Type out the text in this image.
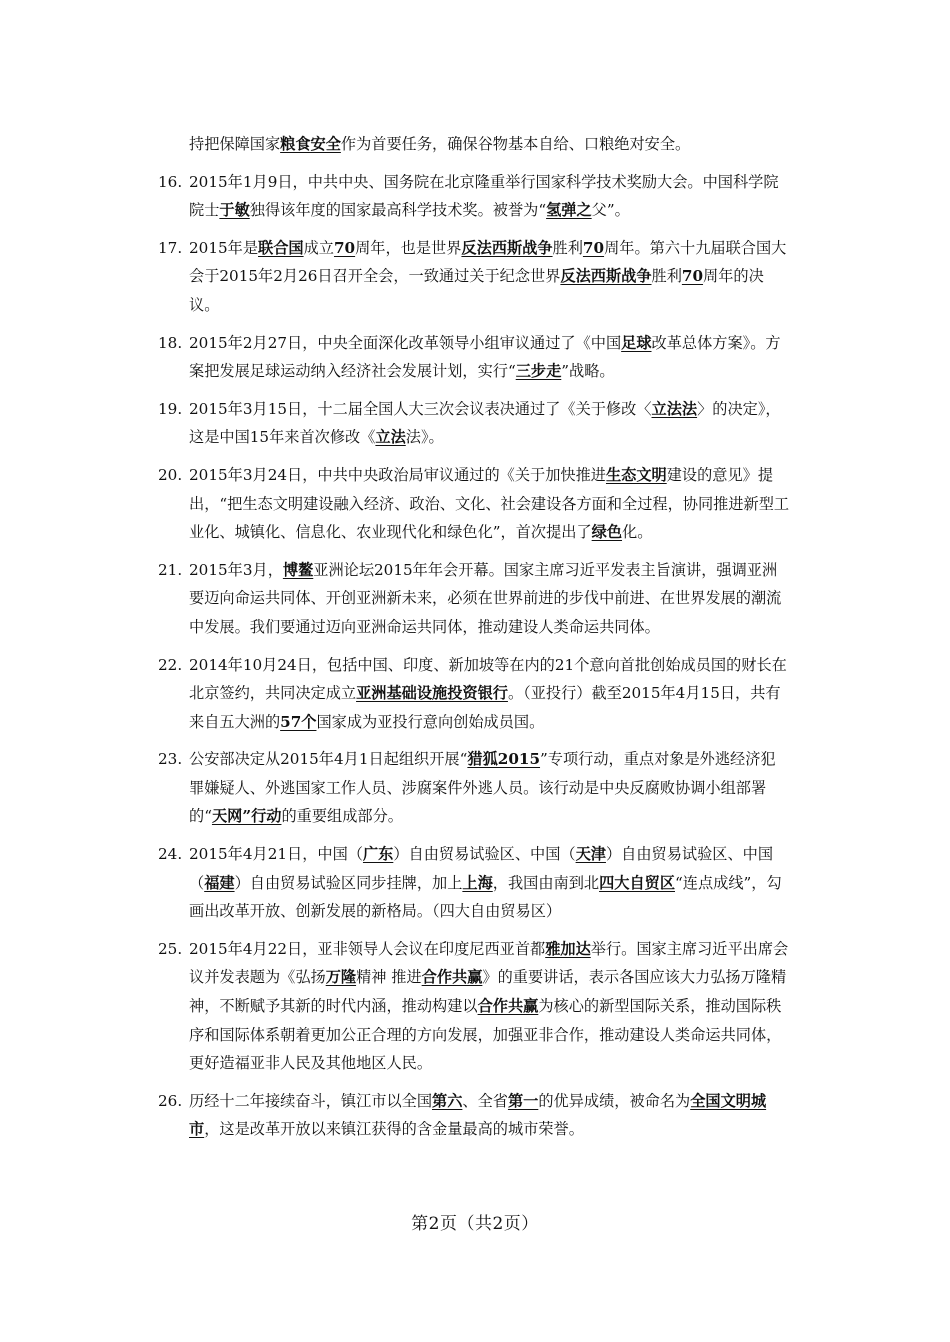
持把保障国家粮食安全作为首要任务，确保谷物基本自给、口粮绝对安全。
16. 2015年1月9日，中共中央、国务院在北京隆重举行国家科学技术奖励大会。中国科学院院士于敏独得该年度的国家最高科学技术奖。被誉为“氢弹之父”。
17. 2015年是联合国成立70周年，也是世界反法西斯战争胜利70周年。第六十九届联合国大会于2015年2月26日召开全会，一致通过关于纪念世界反法西斯战争胜利70周年的决议。
18. 2015年2月27日，中央全面深化改革领导小组审议通过了《中国足球改革总体方案》。方案把发展足球运动纳入经济社会发展计划，实行“三步走”战略。
19. 2015年3月15日，十二届全国人大三次会议表决通过了《关于修改〈立法法〉的决定》，这是中国15年来首次修改《立法法》。
20. 2015年3月24日，中共中央政治局审议通过的《关于加快推进生态文明建设的意见》提出，“把生态文明建设融入经济、政治、文化、社会建设各方面和全过程，协同推进新型工业化、城镇化、信息化、农业现代化和绿色化”，首次提出了绿色化。
21. 2015年3月，博鳌亚洲论坛2015年年会开幕。国家主席习近平发表主旨演讲，强调亚洲要迈向命运共同体、开创亚洲新未来，必须在世界前进的步伐中前进、在世界发展的潮流中发展。我们要通过迈向亚洲命运共同体，推动建设人类命运共同体。
22. 2014年10月24日，包括中国、印度、新加坡等在内的21个意向首批创始成员国的财长在北京签约，共同决定成立亚洲基础设施投资银行。（亚投行）截至2015年4月15日，共有来自五大洲的57个国家成为亚投行意向创始成员国。
23. 公安部决定从2015年4月1日起组织开展“猎狐2015”专项行动，重点对象是外逃经济犯罪嫌疑人、外逃国家工作人员、涉腐案件外逃人员。该行动是中央反腐败协调小组部署的“天网”行动的重要组成部分。
24. 2015年4月21日，中国（广东）自由贸易试验区、中国（天津）自由贸易试验区、中国（福建）自由贸易试验区同步挂牌，加上上海，我国由南到北四大自贸区“连点成线”，勾画出改革开放、创新发展的新格局。（四大自由贸易区）
25. 2015年4月22日，亚非领导人会议在印度尼西亚首都雅加达举行。国家主席习近平出席会议并发表题为《弘扬万隆精神 推进合作共赢》的重要讲话，表示各国应该大力弘扬万隆精神，不断赋予其新的时代内涵，推动构建以合作共赢为核心的新型国际关系，推动国际秩序和国际体系朝着更加公正合理的方向发展，加强亚非合作，推动建设人类命运共同体，更好造福亚非人民及其他地区人民。
26. 历经十二年接续奋斗，镇江市以全国第六、全省第一的优异成绩，被命名为全国文明城市，这是改革开放以来镇江获得的含金量最高的城市荣誉。
第2页（共2页）
